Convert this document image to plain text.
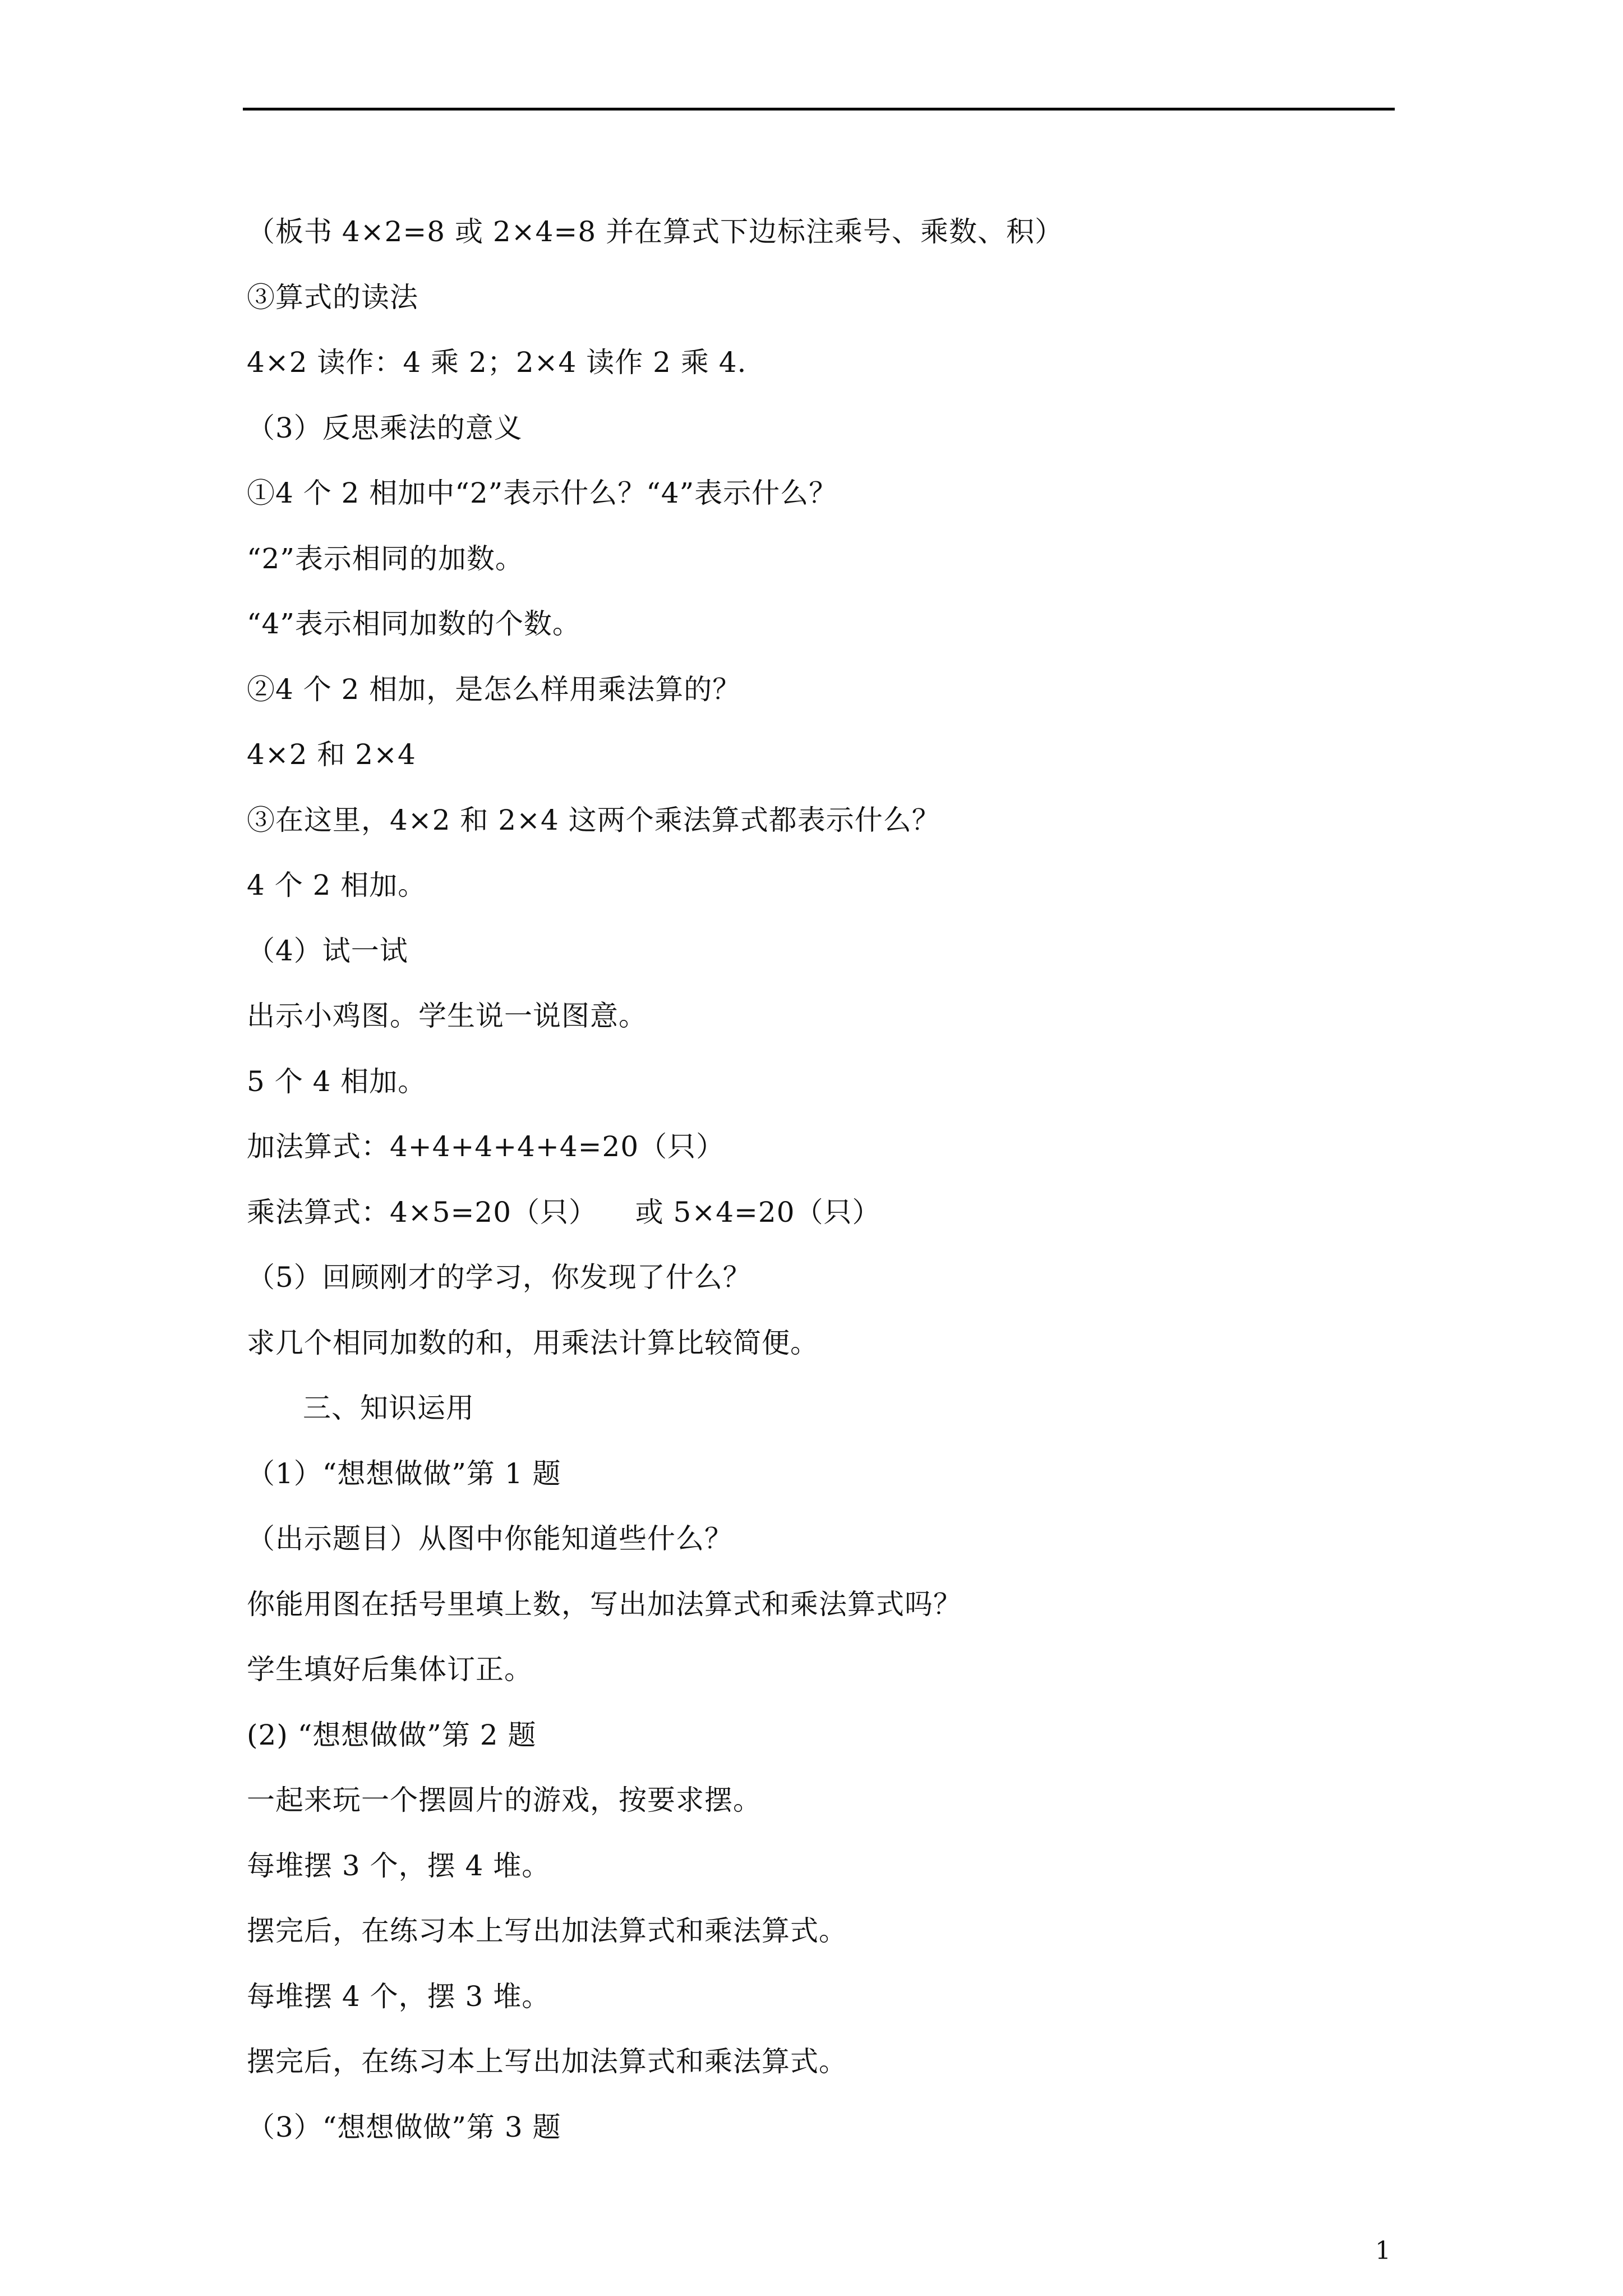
（板书 4×2=8 或 2×4=8 并在算式下边标注乘号、乘数、积）
③算式的读法
4×2 读作：4 乘 2；2×4 读作 2 乘 4.
（3）反思乘法的意义
①4 个 2 相加中“2”表示什么？“4”表示什么？
“2”表示相同的加数。
“4”表示相同加数的个数。
②4 个 2 相加，是怎么样用乘法算的？
4×2 和 2×4
③在这里，4×2 和 2×4 这两个乘法算式都表示什么？
4 个 2 相加。
（4）试一试
出示小鸡图。学生说一说图意。
5 个 4 相加。
加法算式：4+4+4+4+4=20（只）
乘法算式：4×5=20（只）    或 5×4=20（只）
（5）回顾刚才的学习，你发现了什么？
求几个相同加数的和，用乘法计算比较简便。
三、知识运用
（1）“想想做做”第 1 题
（出示题目）从图中你能知道些什么？
你能用图在括号里填上数，写出加法算式和乘法算式吗？
学生填好后集体订正。
(2) “想想做做”第 2 题
一起来玩一个摆圆片的游戏，按要求摆。
每堆摆 3 个，摆 4 堆。
摆完后，在练习本上写出加法算式和乘法算式。
每堆摆 4 个，摆 3 堆。
摆完后，在练习本上写出加法算式和乘法算式。
（3）“想想做做”第 3 题
1
